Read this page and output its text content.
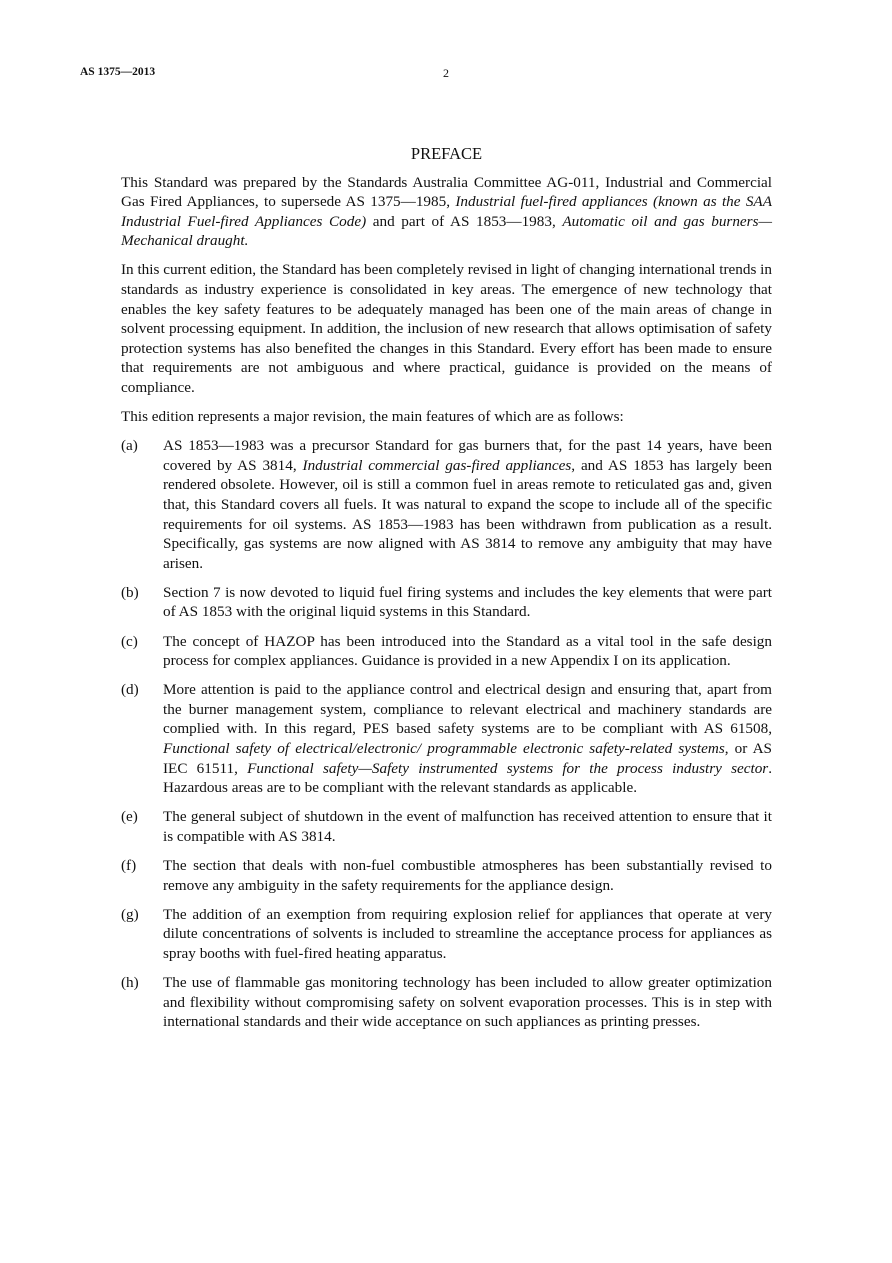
AS 1375—2013	2
PREFACE

This Standard was prepared by the Standards Australia Committee AG-011, Industrial and Commercial Gas Fired Appliances, to supersede AS 1375—1985, Industrial fuel-fired appliances (known as the SAA Industrial Fuel-fired Appliances Code) and part of AS 1853—1983, Automatic oil and gas burners—Mechanical draught.

In this current edition, the Standard has been completely revised in light of changing international trends in standards as industry experience is consolidated in key areas. The emergence of new technology that enables the key safety features to be adequately managed has been one of the main areas of change in solvent processing equipment. In addition, the inclusion of new research that allows optimisation of safety protection systems has also benefited the changes in this Standard. Every effort has been made to ensure that requirements are not ambiguous and where practical, guidance is provided on the means of compliance.

This edition represents a major revision, the main features of which are as follows:

(a)	AS 1853—1983 was a precursor Standard for gas burners that, for the past 14 years, have been covered by AS 3814, Industrial commercial gas-fired appliances, and AS 1853 has largely been rendered obsolete. However, oil is still a common fuel in areas remote to reticulated gas and, given that, this Standard covers all fuels. It was natural to expand the scope to include all of the specific requirements for oil systems. AS 1853—1983 has been withdrawn from publication as a result. Specifically, gas systems are now aligned with AS 3814 to remove any ambiguity that may have arisen.
(b)	Section 7 is now devoted to liquid fuel firing systems and includes the key elements that were part of AS 1853 with the original liquid systems in this Standard.
(c)	The concept of HAZOP has been introduced into the Standard as a vital tool in the safe design process for complex appliances. Guidance is provided in a new Appendix I on its application.
(d)	More attention is paid to the appliance control and electrical design and ensuring that, apart from the burner management system, compliance to relevant electrical and machinery standards are complied with. In this regard, PES based safety systems are to be compliant with AS 61508, Functional safety of electrical/electronic/ programmable electronic safety-related systems, or AS IEC 61511, Functional safety—Safety instrumented systems for the process industry sector. Hazardous areas are to be compliant with the relevant standards as applicable.
(e)	The general subject of shutdown in the event of malfunction has received attention to ensure that it is compatible with AS 3814.
(f)	The section that deals with non-fuel combustible atmospheres has been substantially revised to remove any ambiguity in the safety requirements for the appliance design.
(g)	The addition of an exemption from requiring explosion relief for appliances that operate at very dilute concentrations of solvents is included to streamline the acceptance process for appliances as spray booths with fuel-fired heating apparatus.
(h)	The use of flammable gas monitoring technology has been included to allow greater optimization and flexibility without compromising safety on solvent evaporation processes. This is in step with international standards and their wide acceptance on such appliances as printing presses.
